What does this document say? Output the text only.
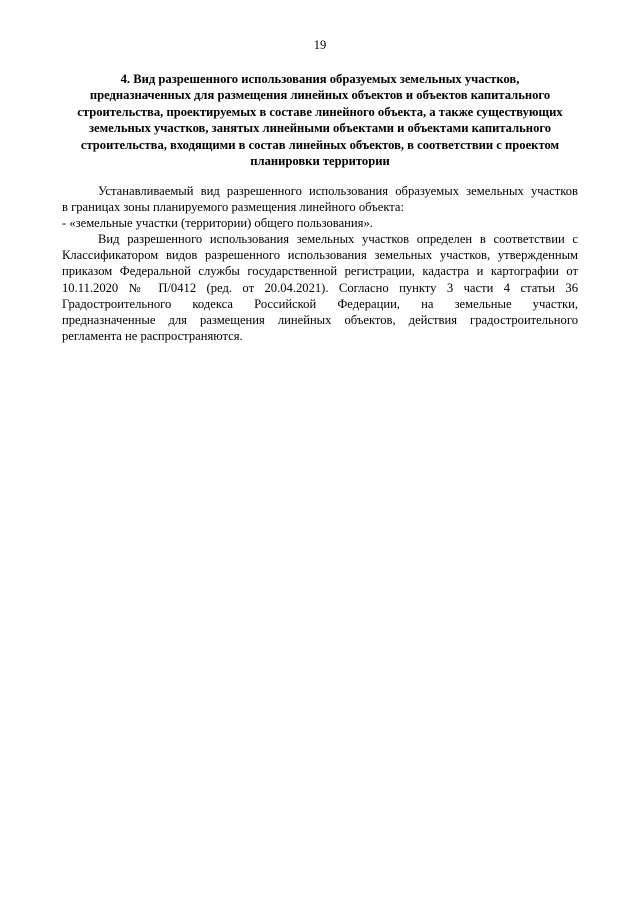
19
4. Вид разрешенного использования образуемых земельных участков,
предназначенных для размещения линейных объектов и объектов капитального
строительства, проектируемых в составе линейного объекта, а также существующих
земельных участков, занятых линейными объектами и объектами капитального
строительства, входящими в состав линейных объектов, в соответствии с проектом
планировки территории
Устанавливаемый вид разрешенного использования образуемых земельных участков
в границах зоны планируемого размещения линейного объекта:
- «земельные участки (территории) общего пользования».
Вид разрешенного использования земельных участков определен в соответствии с
Классификатором видов разрешенного использования земельных участков, утвержденным
приказом Федеральной службы государственной регистрации, кадастра и картографии от
10.11.2020 № П/0412 (ред. от 20.04.2021). Согласно пункту 3 части 4 статьи 36
Градостроительного кодекса Российской Федерации, на земельные участки,
предназначенные для размещения линейных объектов, действия градостроительного
регламента не распространяются.
